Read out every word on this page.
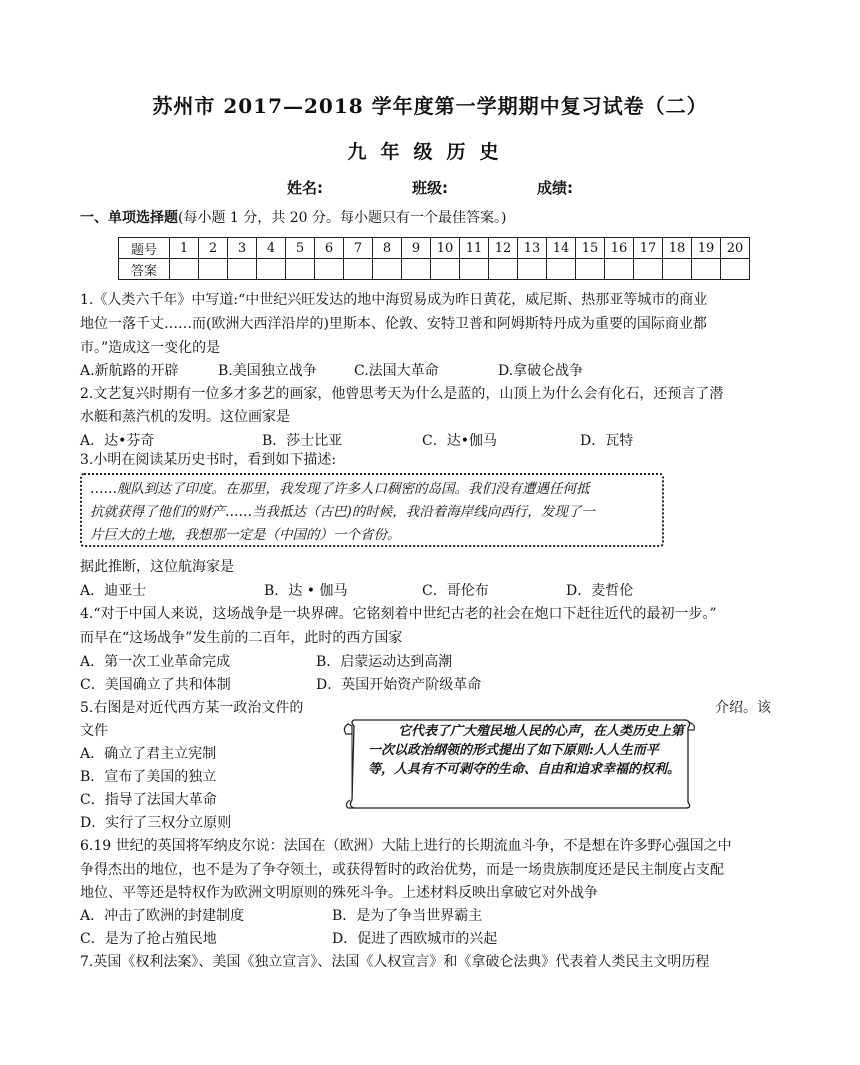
苏州市 2017—2018 学年度第一学期期中复习试卷（二）
九年级历史
姓名:	班级:	成绩:
一、单项选择题(每小题 1 分，共 20 分。每小题只有一个最佳答案。)
题号	1	2	3	4	5	6	7	8	9	10	11	12	13	14	15	16	17	18	19	20
答案																				
1.《人类六千年》中写道:“中世纪兴旺发达的地中海贸易成为昨日黄花，威尼斯、热那亚等城市的商业
地位一落千丈……而(欧洲大西洋沿岸的)里斯本、伦敦、安特卫普和阿姆斯特丹成为重要的国际商业都
市。”造成这一变化的是
A.新航路的开辟	B.美国独立战争	C.法国大革命	D.拿破仑战争
2.文艺复兴时期有一位多才多艺的画家，他曾思考天为什么是蓝的，山顶上为什么会有化石，还预言了潜
水艇和蒸汽机的发明。这位画家是
A．达•芬奇	B．莎士比亚	C．达•伽马	D．瓦特
3.小明在阅读某历史书时，看到如下描述:
……舰队到达了印度。在那里，我发现了许多人口稠密的岛国。我们没有遭遇任何抵
抗就获得了他们的财产……当我抵达（古巴)的时候，我沿着海岸线向西行，发现了一
片巨大的土地，我想那一定是（中国的）一个省份。
据此推断，这位航海家是
A．迪亚士	B．达 • 伽马	C．哥伦布	D．麦哲伦
4.“对于中国人来说，这场战争是一块界碑。它铭刻着中世纪古老的社会在炮口下赶往近代的最初一步。”
而早在“这场战争”发生前的二百年，此时的西方国家
A．第一次工业革命完成	B．启蒙运动达到高潮
C．美国确立了共和体制	D．英国开始资产阶级革命
5.右图是对近代西方某一政治文件的	介绍。该
文件
A．确立了君主立宪制
B．宣布了美国的独立
C．指导了法国大革命
D．实行了三权分立原则
它代表了广大殖民地人民的心声，在人类历史上第一次以政治纲领的形式提出了如下原则:人人生而平等，人具有不可剥夺的生命、自由和追求幸福的权利。
6.19 世纪的英国将军纳皮尔说：法国在（欧洲）大陆上进行的长期流血斗争，不是想在许多野心强国之中
争得杰出的地位，也不是为了争夺领土，或获得暂时的政治优势，而是一场贵族制度还是民主制度占支配
地位、平等还是特权作为欧洲文明原则的殊死斗争。上述材料反映出拿破它对外战争
A．冲击了欧洲的封建制度	B．是为了争当世界霸主
C．是为了抢占殖民地	D．促进了西欧城市的兴起
7.英国《权利法案》、美国《独立宣言》、法国《人权宣言》和《拿破仑法典》代表着人类民主文明历程
